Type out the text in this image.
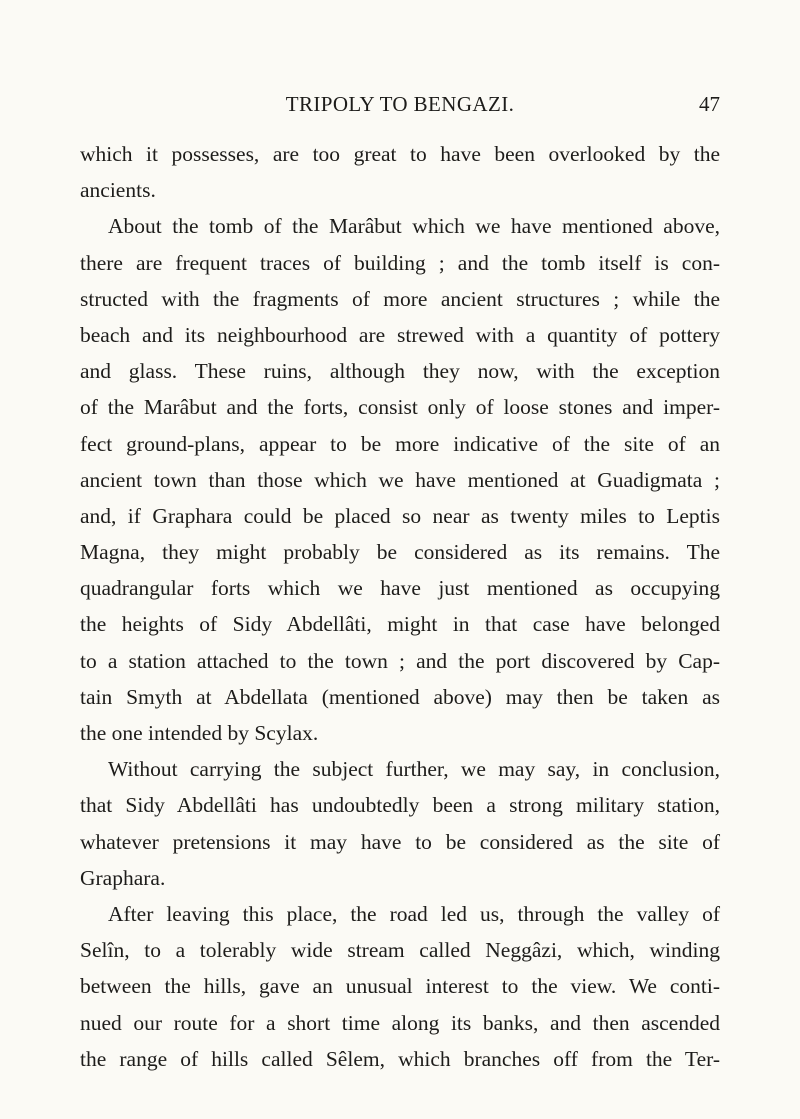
TRIPOLY TO BENGAZI.	47
which it possesses, are too great to have been overlooked by the
ancients.
About the tomb of the Marâbut which we have mentioned above,
there are frequent traces of building ; and the tomb itself is con-
structed with the fragments of more ancient structures ; while the
beach and its neighbourhood are strewed with a quantity of pottery
and glass. These ruins, although they now, with the exception
of the Marâbut and the forts, consist only of loose stones and imper-
fect ground-plans, appear to be more indicative of the site of an
ancient town than those which we have mentioned at Guadigmata ;
and, if Graphara could be placed so near as twenty miles to Leptis
Magna, they might probably be considered as its remains. The
quadrangular forts which we have just mentioned as occupying
the heights of Sidy Abdellâti, might in that case have belonged
to a station attached to the town ; and the port discovered by Cap-
tain Smyth at Abdellata (mentioned above) may then be taken as
the one intended by Scylax.
Without carrying the subject further, we may say, in conclusion,
that Sidy Abdellâti has undoubtedly been a strong military station,
whatever pretensions it may have to be considered as the site of
Graphara.
After leaving this place, the road led us, through the valley of
Selîn, to a tolerably wide stream called Neggâzi, which, winding
between the hills, gave an unusual interest to the view. We conti-
nued our route for a short time along its banks, and then ascended
the range of hills called Sêlem, which branches off from the Ter-
